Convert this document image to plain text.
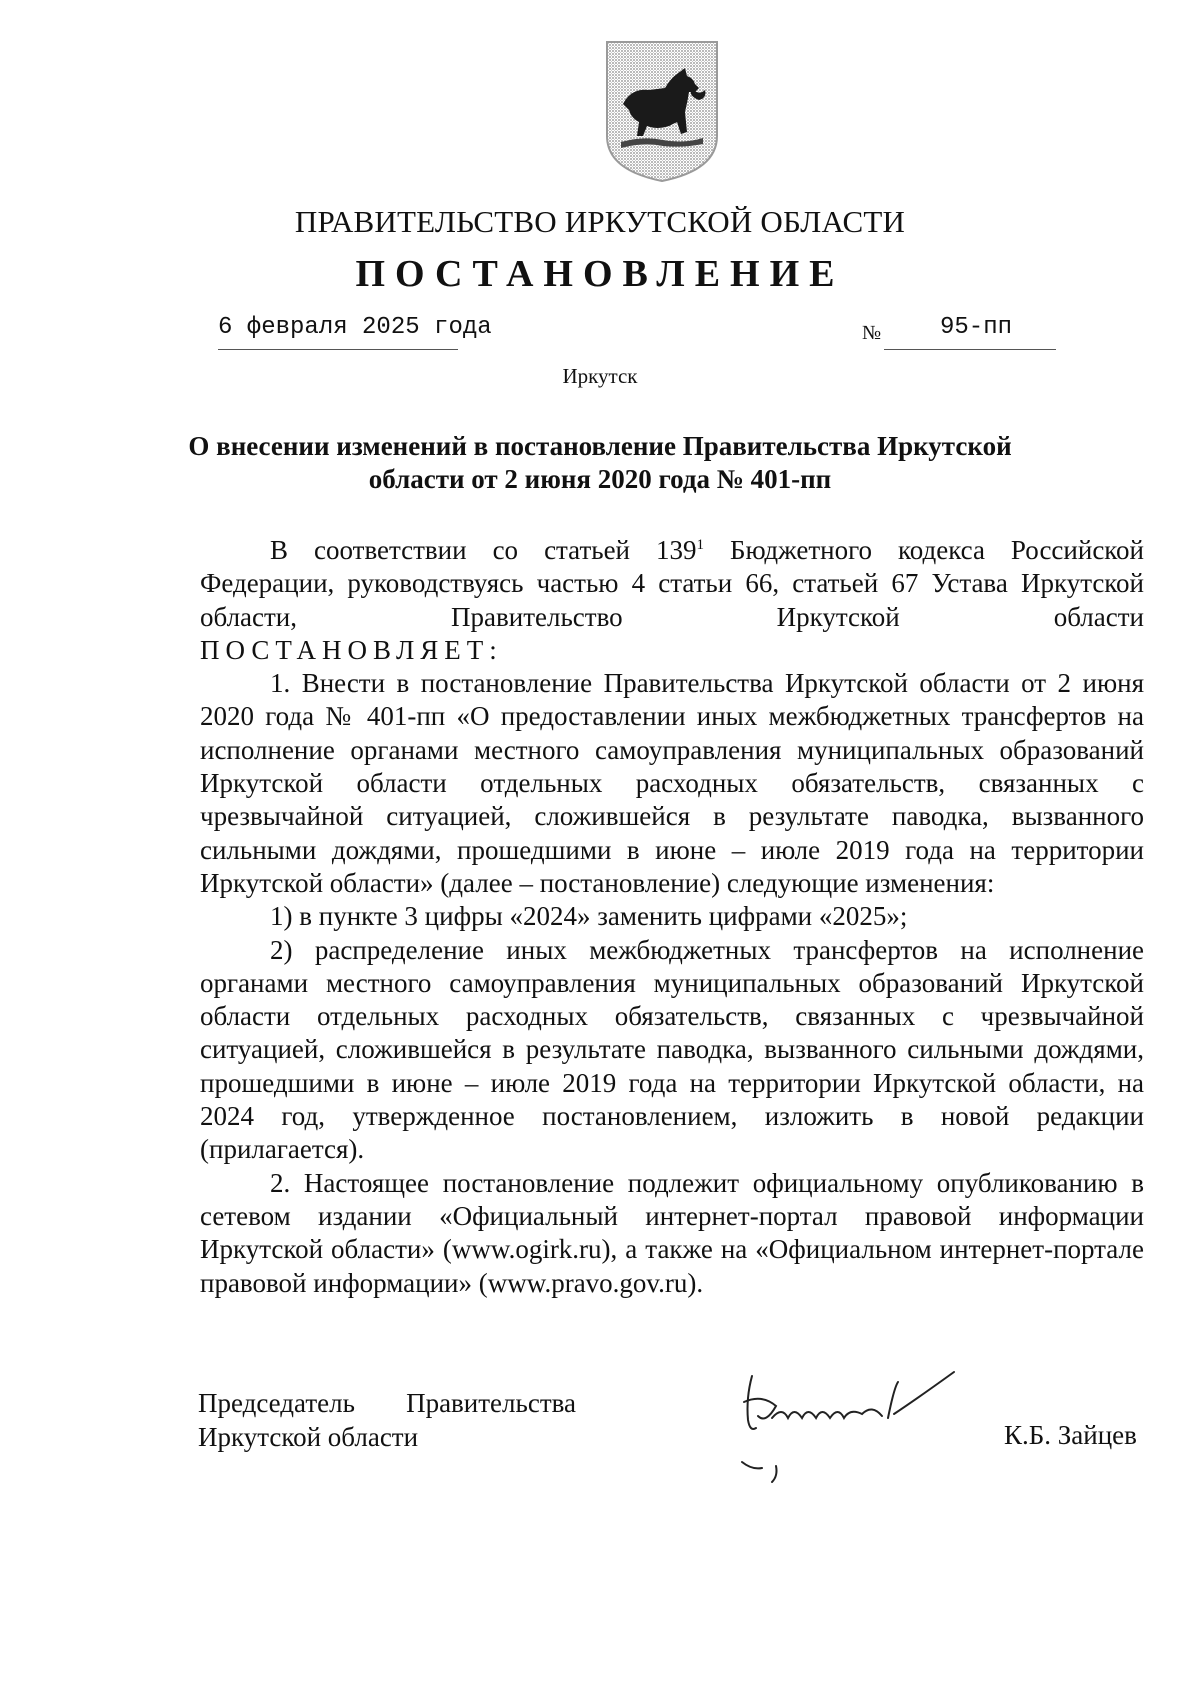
ПРАВИТЕЛЬСТВО ИРКУТСКОЙ ОБЛАСТИ
ПОСТАНОВЛЕНИЕ
6 февраля 2025 года	№ 95-пп
Иркутск
О внесении изменений в постановление Правительства Иркутской
области от 2 июня 2020 года № 401-пп

В соответствии со статьей $139^1$ Бюджетного кодекса Российской Федерации, руководствуясь частью 4 статьи 66, статьей 67 Устава Иркутской области, Правительство Иркутской области

ПОСТАНОВЛЯЕТ:

1. Внести в постановление Правительства Иркутской области от 2 июня 2020 года № 401-пп «О предоставлении иных межбюджетных трансфертов на исполнение органами местного самоуправления муниципальных образований Иркутской области отдельных расходных обязательств, связанных с чрезвычайной ситуацией, сложившейся в результате паводка, вызванного сильными дождями, прошедшими в июне – июле 2019 года на территории Иркутской области» (далее – постановление) следующие изменения:

1) в пункте 3 цифры «2024» заменить цифрами «2025»;

2) распределение иных межбюджетных трансфертов на исполнение органами местного самоуправления муниципальных образований Иркутской области отдельных расходных обязательств, связанных с чрезвычайной ситуацией, сложившейся в результате паводка, вызванного сильными дождями, прошедшими в июне – июле 2019 года на территории Иркутской области, на 2024 год, утвержденное постановлением, изложить в новой редакции (прилагается).

2. Настоящее постановление подлежит официальному опубликованию в сетевом издании «Официальный интернет-портал правовой информации Иркутской области» (www.ogirk.ru), а также на «Официальном интернет-портале правовой информации» (www.pravo.gov.ru).

Председатель Правительства
Иркутской области	К.Б. Зайцев
